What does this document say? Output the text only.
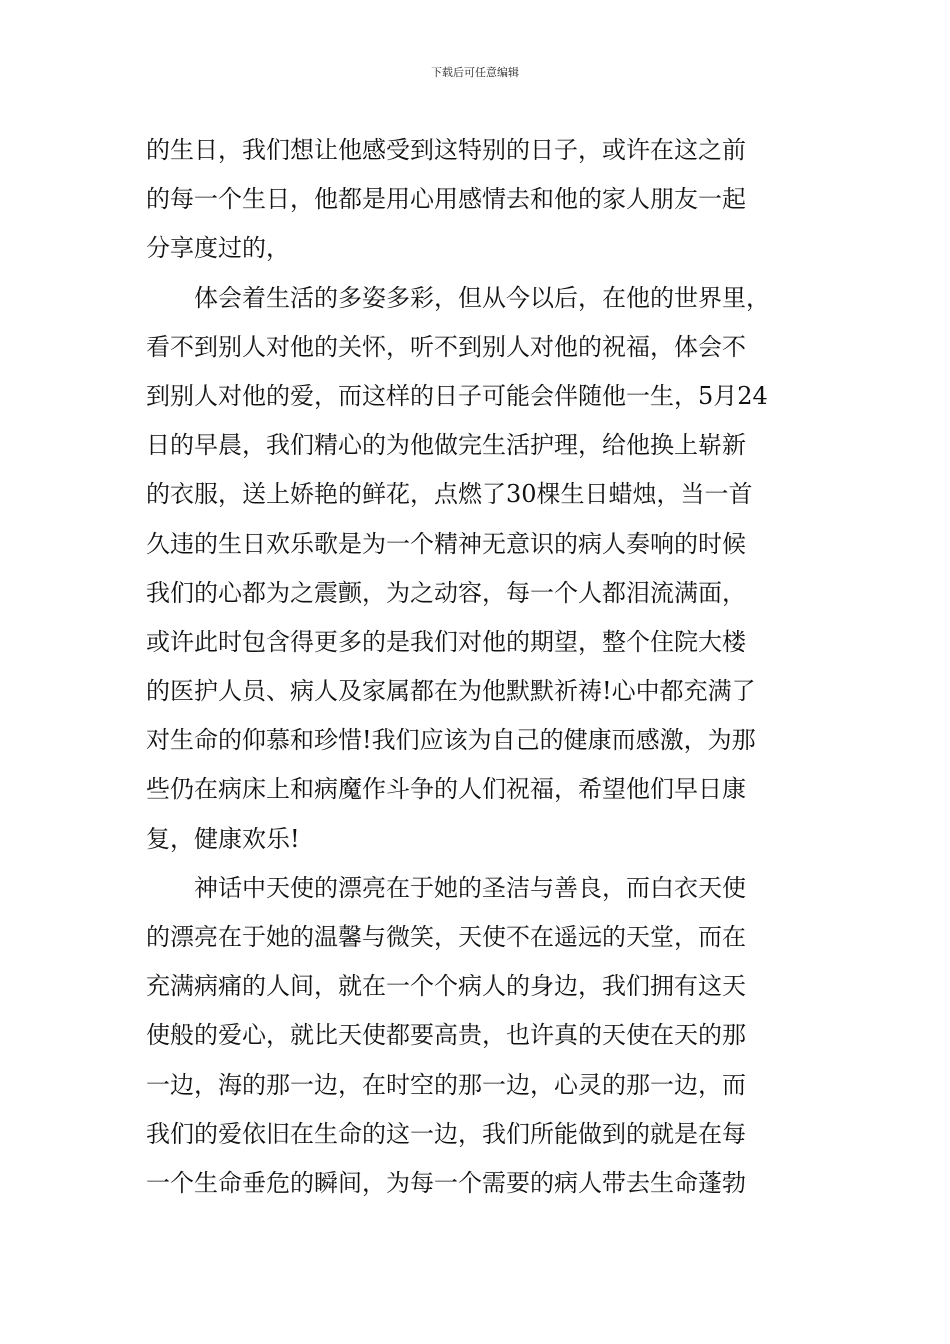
下载后可任意编辑
的生日，我们想让他感受到这特别的日子，或许在这之前
的每一个生日，他都是用心用感情去和他的家人朋友一起
分享度过的，
体会着生活的多姿多彩，但从今以后，在他的世界里，
看不到别人对他的关怀，听不到别人对他的祝福，体会不
到别人对他的爱，而这样的日子可能会伴随他一生，5月24
日的早晨，我们精心的为他做完生活护理，给他换上崭新
的衣服，送上娇艳的鲜花，点燃了30棵生日蜡烛，当一首
久违的生日欢乐歌是为一个精神无意识的病人奏响的时候
我们的心都为之震颤，为之动容，每一个人都泪流满面，
或许此时包含得更多的是我们对他的期望，整个住院大楼
的医护人员、病人及家属都在为他默默祈祷!心中都充满了
对生命的仰慕和珍惜!我们应该为自己的健康而感激，为那
些仍在病床上和病魔作斗争的人们祝福，希望他们早日康
复，健康欢乐!
神话中天使的漂亮在于她的圣洁与善良，而白衣天使
的漂亮在于她的温馨与微笑，天使不在遥远的天堂，而在
充满病痛的人间，就在一个个病人的身边，我们拥有这天
使般的爱心，就比天使都要高贵，也许真的天使在天的那
一边，海的那一边，在时空的那一边，心灵的那一边，而
我们的爱依旧在生命的这一边，我们所能做到的就是在每
一个生命垂危的瞬间，为每一个需要的病人带去生命蓬勃
